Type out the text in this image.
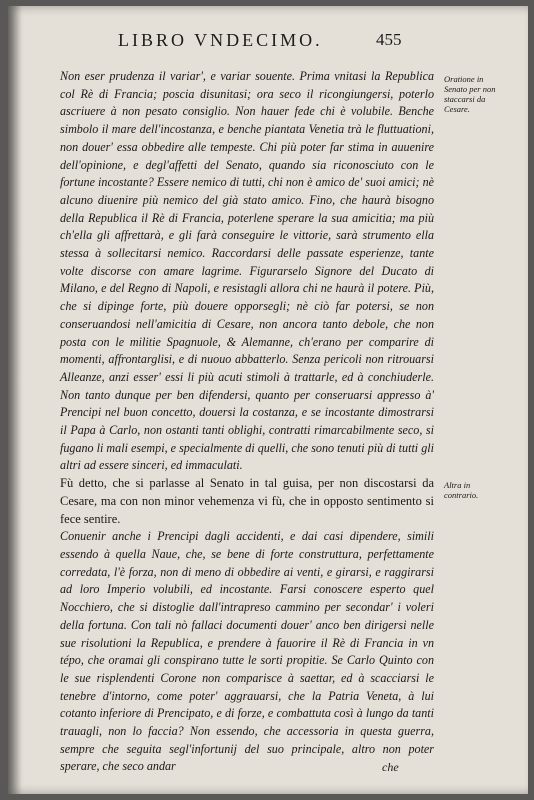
LIBRO VNDECIMO.	455
Oratione in Senato per non staccarsi da Cesare.
Altra in contrario.

Non eser prudenza il variar', e variar souente. Prima vnitasi la Republica col Rè di Francia; poscia disunitasi; ora seco il ricongiungersi, poterlo ascriuere à non pesato consiglio. Non hauer fede chi è volubile. Benche simbolo il mare dell'incostanza, e benche piantata Venetia trà le fluttuationi, non douer' essa obbedire alle tempeste. Chi più poter far stima in auuenire dell'opinione, e degl'affetti del Senato, quando sia riconosciuto con le fortune incostante? Essere nemico di tutti, chi non è amico de' suoi amici; nè alcuno diuenire più nemico del già stato amico. Fino, che haurà bisogno della Republica il Rè di Francia, poterlene sperare la sua amicitia; ma più ch'ella gli affrettarà, e gli farà conseguire le vittorie, sarà strumento ella stessa à sollecitarsi nemico. Raccordarsi delle passate esperienze, tante volte discorse con amare lagrime. Figurarselo Signore del Ducato di Milano, e del Regno di Napoli, e resistagli allora chi ne haurà il potere. Più, che si dipinge forte, più douere opporsegli; nè ciò far potersi, se non conseruandosi nell'amicitia di Cesare, non ancora tanto debole, che non posta con le militie Spagnuole, & Alemanne, ch'erano per comparire di momenti, affrontarglisi, e di nuouo abbatterlo. Senza pericoli non ritrouarsi Alleanze, anzi esser' essi li più acuti stimoli à trattarle, ed à conchiuderle. Non tanto dunque per ben difendersi, quanto per conseruarsi appresso à' Prencipi nel buon concetto, douersi la costanza, e se incostante dimostrarsi il Papa à Carlo, non ostanti tanti oblighi, contratti rimarcabilmente seco, si fugano li mali esempi, e specialmente di quelli, che sono tenuti più di tutti gli altri ad essere sinceri, ed immaculati.

Fù detto, che si parlasse al Senato in tal guisa, per non discostarsi da Cesare, ma con non minor vehemenza vi fù, che in opposto sentimento si fece sentire.

Conuenir anche i Prencipi dagli accidenti, e dai casi dipendere, simili essendo à quella Naue, che, se bene di forte construttura, perfettamente corredata, l'è forza, non di meno di obbedire ai venti, e girarsi, e raggirarsi ad loro Imperio volubili, ed incostante. Farsi conoscere esperto quel Nocchiero, che si distoglie dall'intrapreso cammino per secondar' i voleri della fortuna. Con tali nò fallaci documenti douer' anco ben dirigersi nelle sue risolutioni la Republica, e prendere à fauorire il Rè di Francia in vn tépo, che oramai gli conspirano tutte le sorti propitie. Se Carlo Quinto con le sue risplendenti Corone non comparisce à saettar, ed à scacciarsi le tenebre d'intorno, come poter' aggrauarsi, che la Patria Veneta, à lui cotanto inferiore di Prencipato, e di forze, e combattuta così à lungo da tanti trauagli, non lo faccia? Non essendo, che accessoria in questa guerra, sempre che seguita segl'infortunij del suo principale, altro non poter sperare, che seco andar	che
